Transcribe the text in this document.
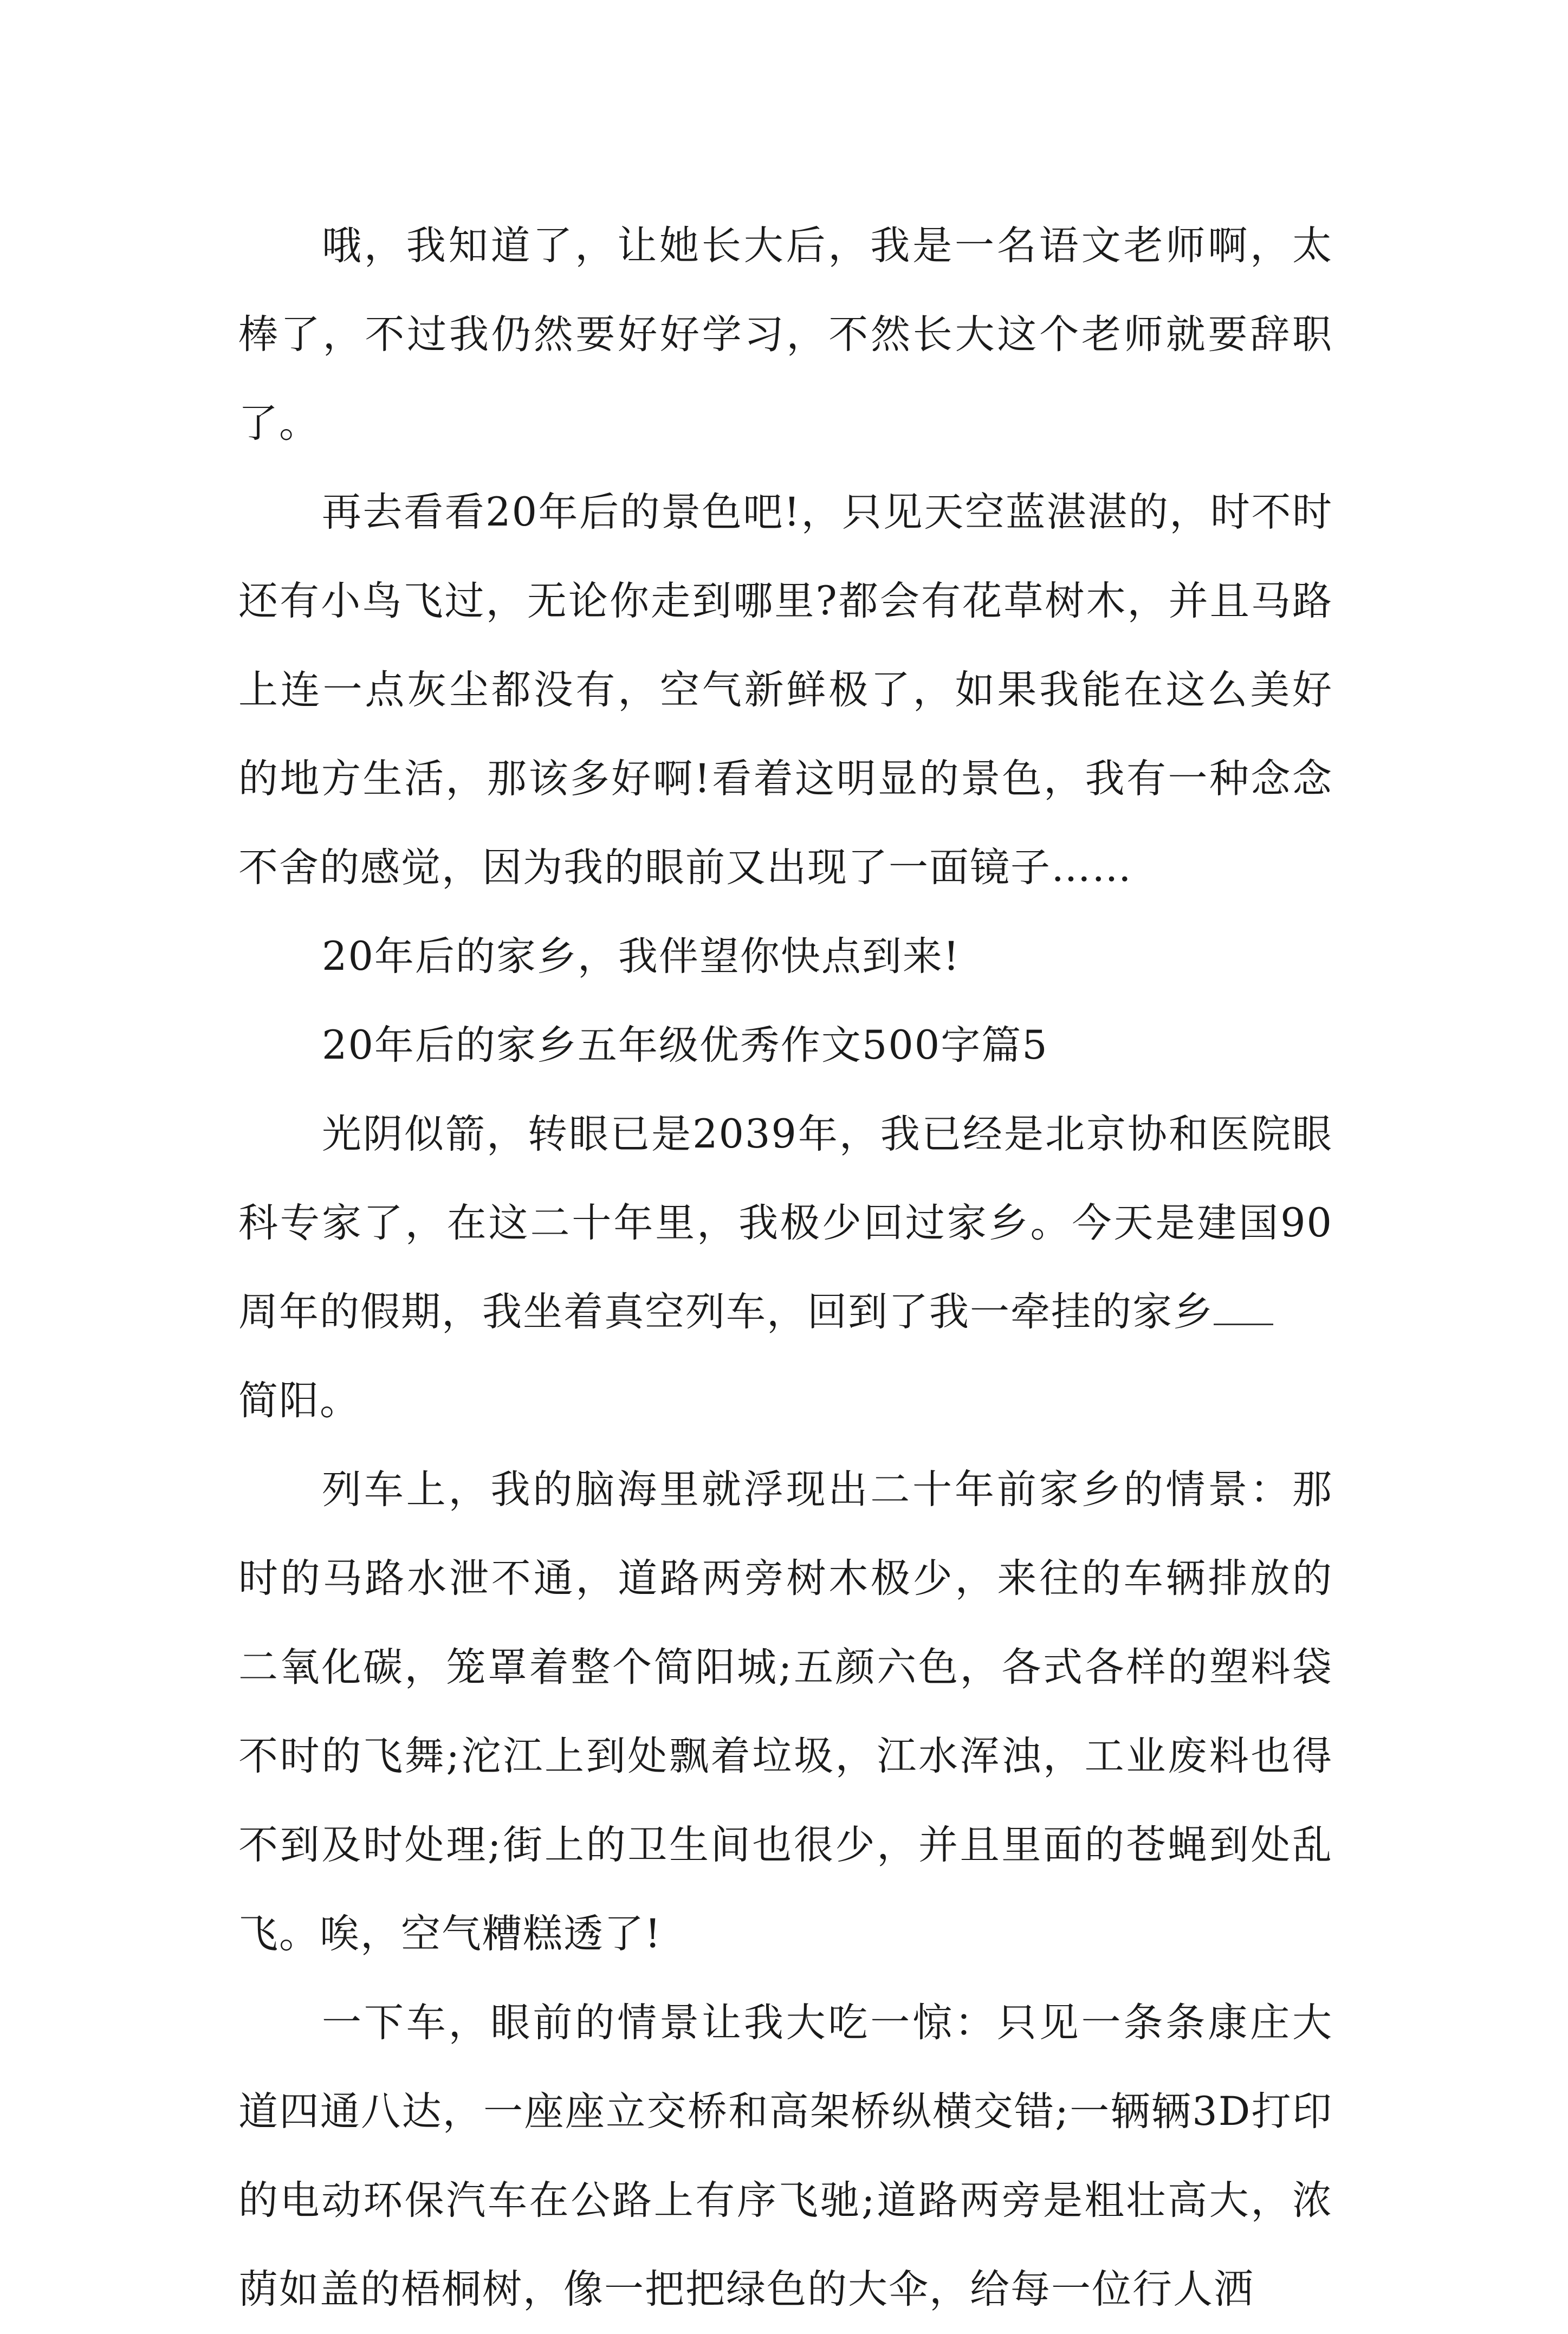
哦，我知道了，让她长大后，我是一名语文老师啊，太棒了，不过我仍然要好好学习，不然长大这个老师就要辞职了。

再去看看20年后的景色吧!，只见天空蓝湛湛的，时不时还有小鸟飞过，无论你走到哪里?都会有花草树木，并且马路上连一点灰尘都没有，空气新鲜极了，如果我能在这么美好的地方生活，那该多好啊!看着这明显的景色，我有一种念念不舍的感觉，因为我的眼前又出现了一面镜子……

20年后的家乡，我伴望你快点到来!

20年后的家乡五年级优秀作文500字篇5

光阴似箭，转眼已是2039年，我已经是北京协和医院眼科专家了，在这二十年里，我极少回过家乡。今天是建国90周年的假期，我坐着真空列车，回到了我一牵挂的家乡
简阳。

列车上，我的脑海里就浮现出二十年前家乡的情景：那时的马路水泄不通，道路两旁树木极少，来往的车辆排放的二氧化碳，笼罩着整个简阳城;五颜六色，各式各样的塑料袋不时的飞舞;沱江上到处飘着垃圾，江水浑浊，工业废料也得不到及时处理;街上的卫生间也很少，并且里面的苍蝇到处乱飞。唉，空气糟糕透了!

一下车，眼前的情景让我大吃一惊：只见一条条康庄大道四通八达，一座座立交桥和高架桥纵横交错;一辆辆3D打印的电动环保汽车在公路上有序飞驰;道路两旁是粗壮高大，浓荫如盖的梧桐树，像一把把绿色的大伞，给每一位行人洒
